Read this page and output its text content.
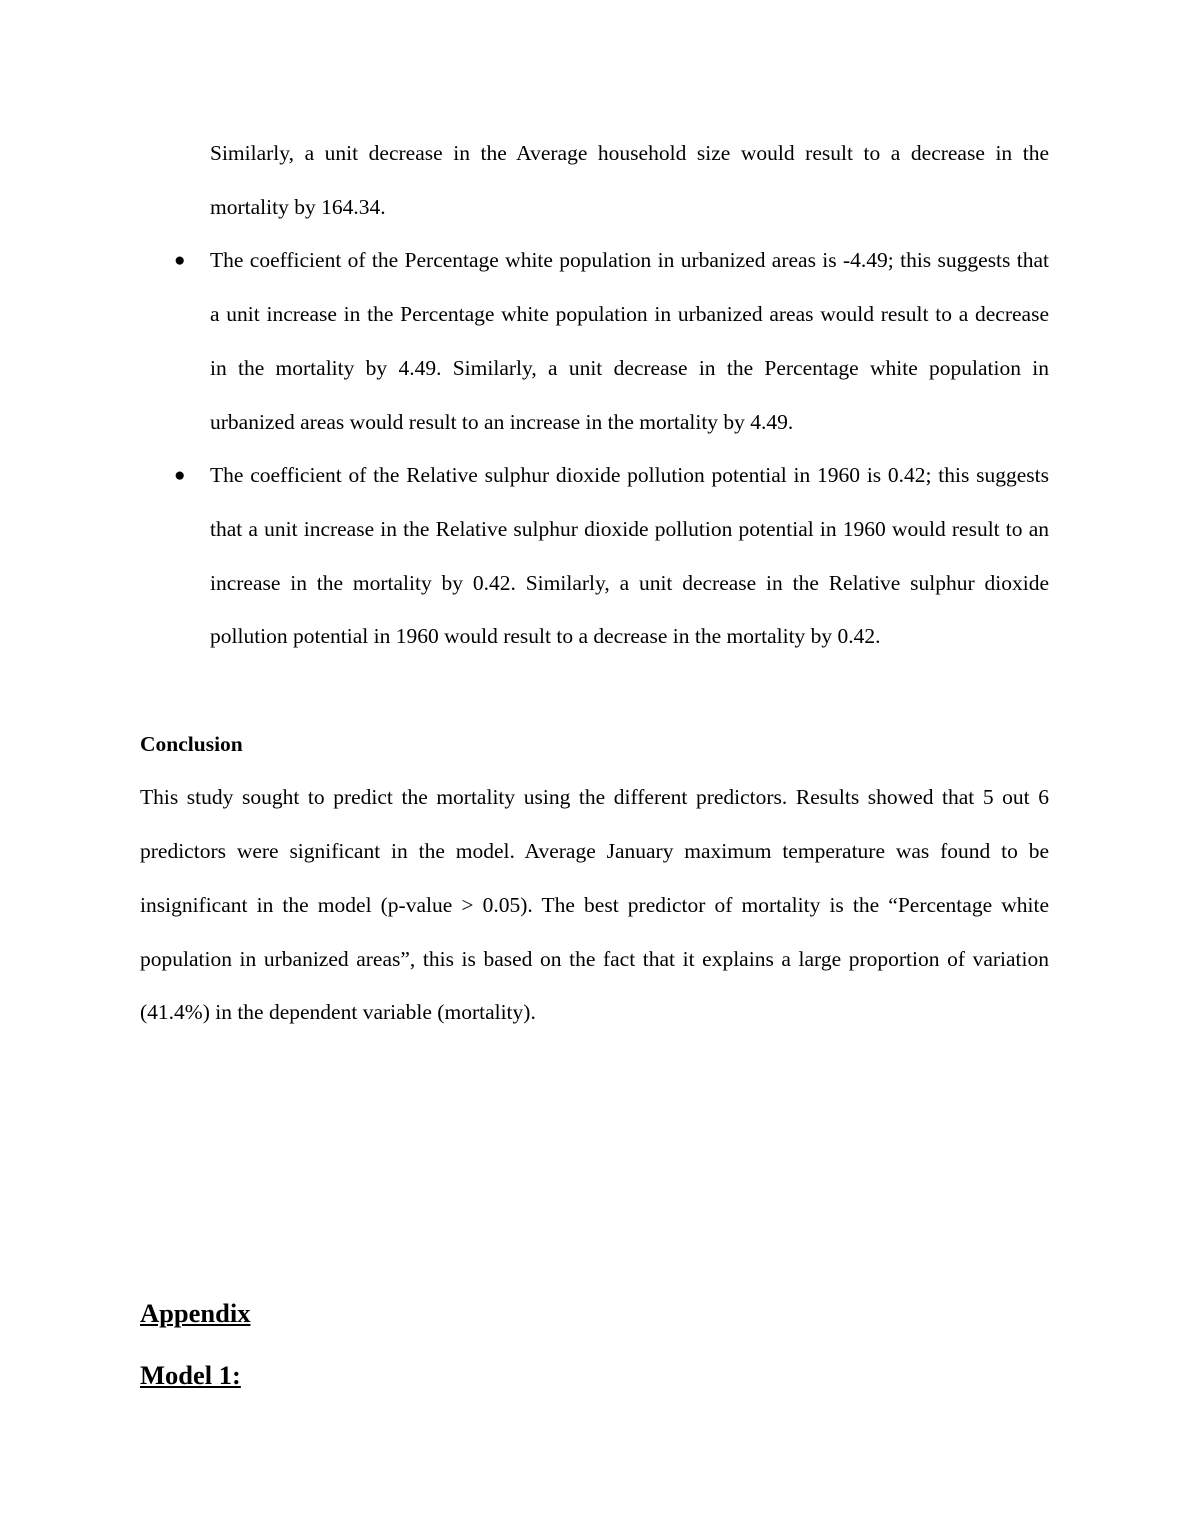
Similarly, a unit decrease in the Average household size would result to a decrease in the mortality by 164.34.

● The coefficient of the Percentage white population in urbanized areas is -4.49; this suggests that a unit increase in the Percentage white population in urbanized areas would result to a decrease in the mortality by 4.49. Similarly, a unit decrease in the Percentage white population in urbanized areas would result to an increase in the mortality by 4.49.

● The coefficient of the Relative sulphur dioxide pollution potential in 1960 is 0.42; this suggests that a unit increase in the Relative sulphur dioxide pollution potential in 1960 would result to an increase in the mortality by 0.42. Similarly, a unit decrease in the Relative sulphur dioxide pollution potential in 1960 would result to a decrease in the mortality by 0.42.

Conclusion

This study sought to predict the mortality using the different predictors. Results showed that 5 out 6 predictors were significant in the model. Average January maximum temperature was found to be insignificant in the model (p-value > 0.05). The best predictor of mortality is the “Percentage white population in urbanized areas”, this is based on the fact that it explains a large proportion of variation (41.4%) in the dependent variable (mortality).

Appendix
Model 1:
